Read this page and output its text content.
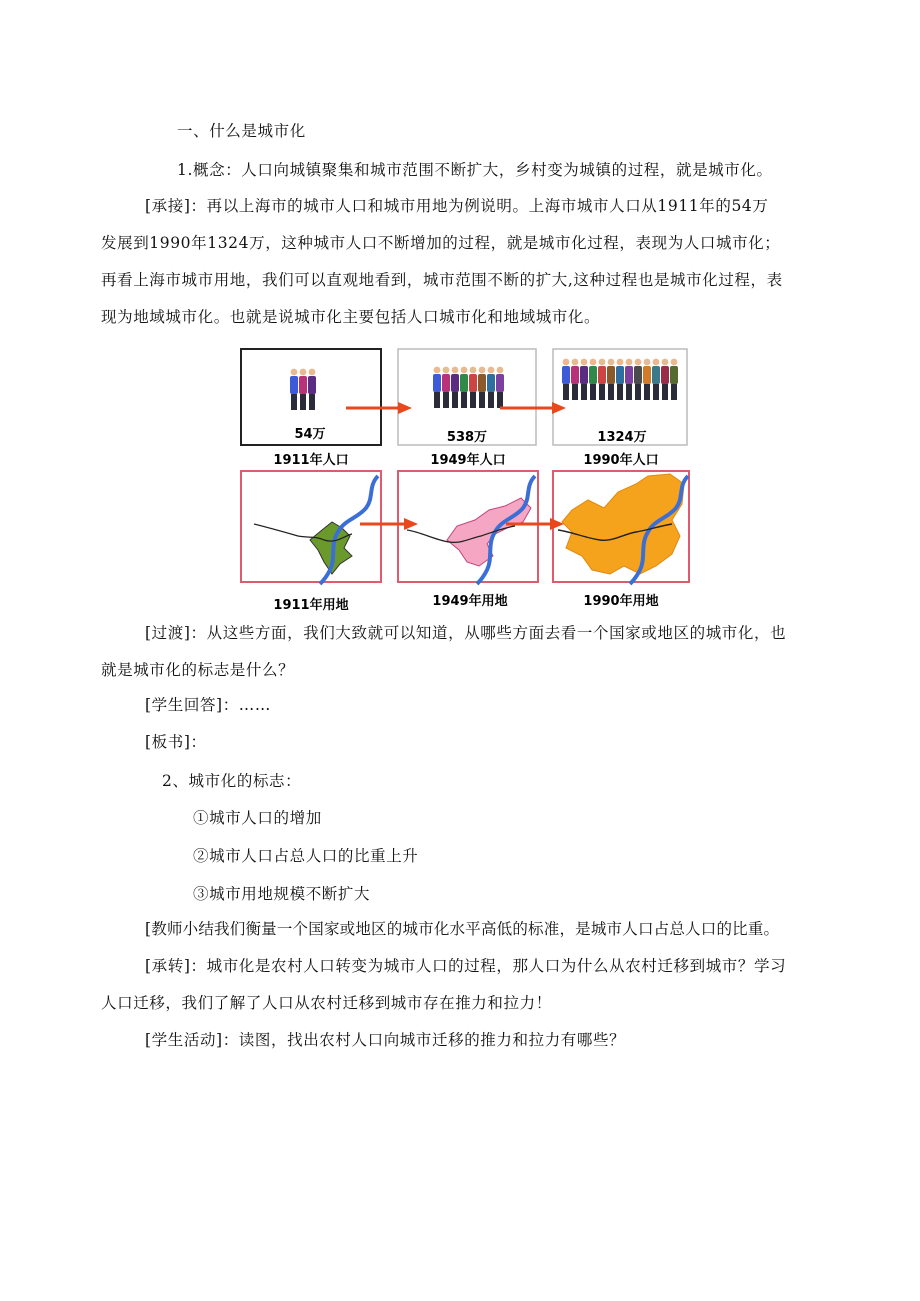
一、什么是城市化
1.概念：人口向城镇聚集和城市范围不断扩大，乡村变为城镇的过程，就是城市化。
[承接]：再以上海市的城市人口和城市用地为例说明。上海市城市人口从1911年的54万
发展到1990年1324万，这种城市人口不断增加的过程，就是城市化过程，表现为人口城市化；
再看上海市城市用地，我们可以直观地看到，城市范围不断的扩大,这种过程也是城市化过程，表
现为地域城市化。也就是说城市化主要包括人口城市化和地域城市化。
54万
1911年人口
538万
1949年人口
1324万
1990年人口
1911年用地	1949年用地	1990年用地
[过渡]：从这些方面，我们大致就可以知道，从哪些方面去看一个国家或地区的城市化，也
就是城市化的标志是什么？
[学生回答]：……
[板书]：
2、城市化的标志：
①城市人口的增加
②城市人口占总人口的比重上升
③城市用地规模不断扩大
[教师小结我们衡量一个国家或地区的城市化水平高低的标准，是城市人口占总人口的比重。
[承转]：城市化是农村人口转变为城市人口的过程，那人口为什么从农村迁移到城市？学习
人口迁移，我们了解了人口从农村迁移到城市存在推力和拉力！
[学生活动]：读图，找出农村人口向城市迁移的推力和拉力有哪些？
